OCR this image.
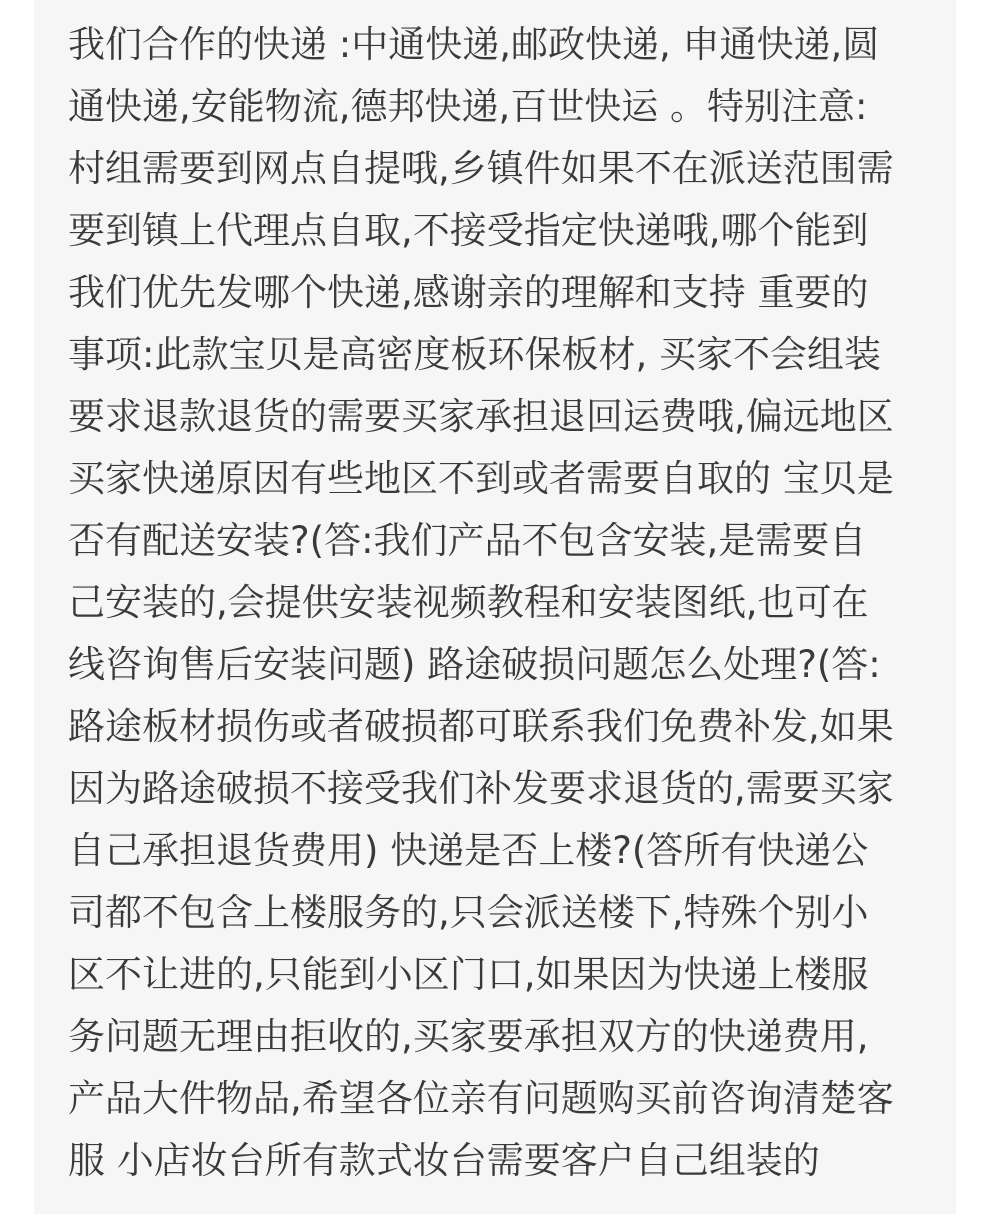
我们合作的快递 :中通快递,邮政快递, 申通快递,圆
通快递,安能物流,德邦快递,百世快运 。特别注意:
村组需要到网点自提哦,乡镇件如果不在派送范围需
要到镇上代理点自取,不接受指定快递哦,哪个能到
我们优先发哪个快递,感谢亲的理解和支持 重要的
事项:此款宝贝是高密度板环保板材, 买家不会组装
要求退款退货的需要买家承担退回运费哦,偏远地区
买家快递原因有些地区不到或者需要自取的 宝贝是
否有配送安装?(答:我们产品不包含安装,是需要自
己安装的,会提供安装视频教程和安装图纸,也可在
线咨询售后安装问题) 路途破损问题怎么处理?(答:
路途板材损伤或者破损都可联系我们免费补发,如果
因为路途破损不接受我们补发要求退货的,需要买家
自己承担退货费用) 快递是否上楼?(答所有快递公
司都不包含上楼服务的,只会派送楼下,特殊个别小
区不让进的,只能到小区门口,如果因为快递上楼服
务问题无理由拒收的,买家要承担双方的快递费用,
产品大件物品,希望各位亲有问题购买前咨询清楚客
服 小店妆台所有款式妆台需要客户自己组装的
